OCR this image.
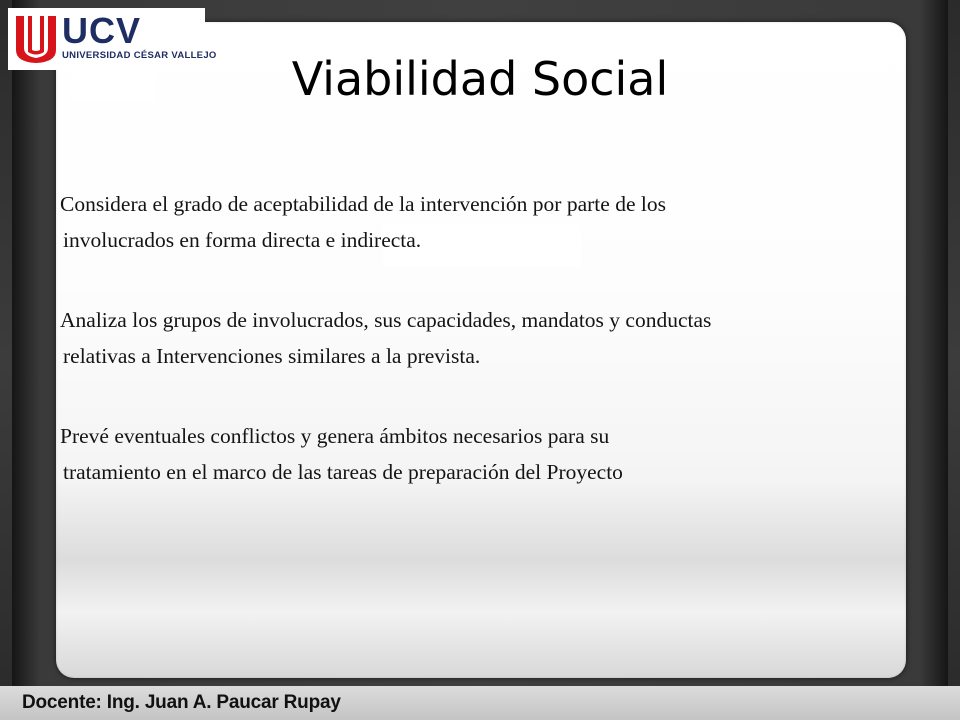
UCV
UNIVERSIDAD CÉSAR VALLEJO	Viabilidad Social
Considera el grado de aceptabilidad de la intervención por parte de los
involucrados en forma directa e indirecta.
Analiza los grupos de involucrados, sus capacidades, mandatos y conductas
relativas a Intervenciones similares a la prevista.
Prevé eventuales conflictos y genera ámbitos necesarios para su
tratamiento en el marco de las tareas de preparación del Proyecto
Docente: Ing. Juan A. Paucar Rupay
